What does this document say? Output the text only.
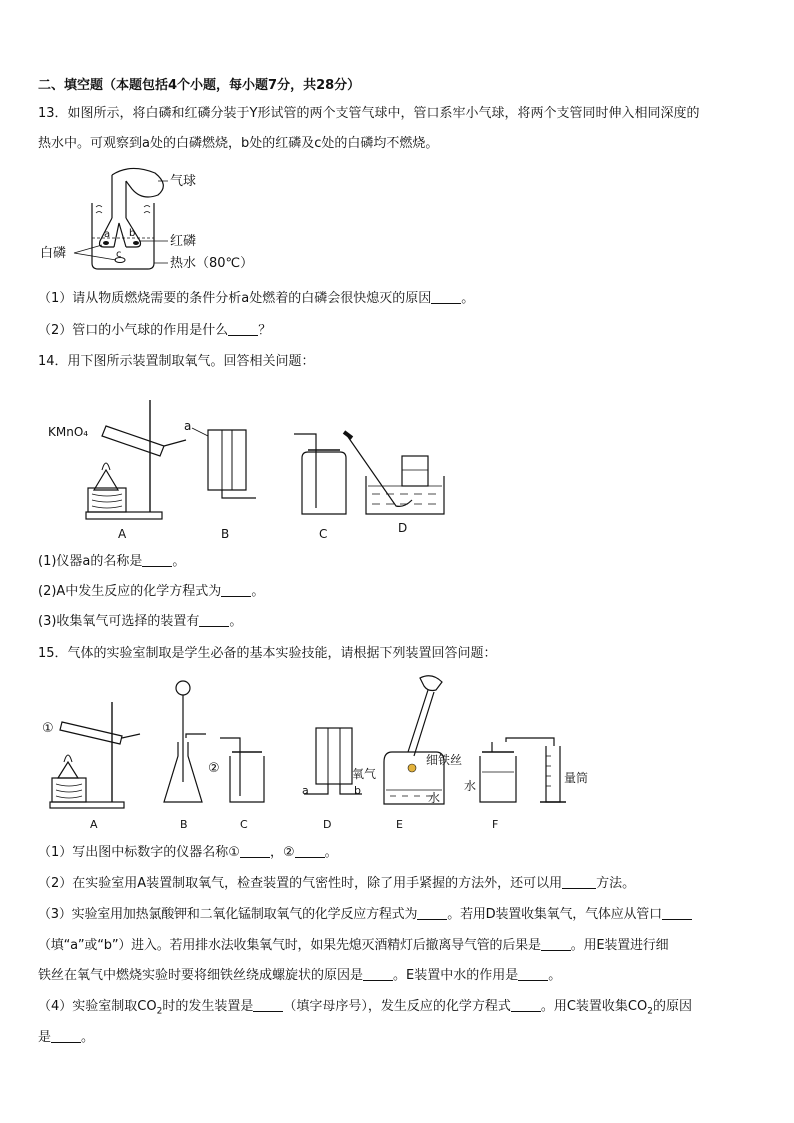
二、填空题（本题包括4个小题，每小题7分，共28分）
13．如图所示，将白磷和红磷分装于Y形试管的两个支管气球中，管口系牢小气球，将两个支管同时伸入相同深度的
热水中。可观察到a处的白磷燃烧，b处的红磷及c处的白磷均不燃烧。
a b
c
气球
红磷
白磷
热水（80℃）
（1）请从物质燃烧需要的条件分析a处燃着的白磷会很快熄灭的原因 。
（2）管口的小气球的作用是什么 ？
14．用下图所示装置制取氧气。回答相关问题：
KMnO₄
A
a
B	C	D
(1)仪器a的名称是 。
(2)A中发生反应的化学方程式为 。
(3)收集氧气可选择的装置有 。
15．气体的实验室制取是学生必备的基本实验技能，请根据下列装置回答问题：
①
A	B
②
C
a	b
D
氧气
细铁丝
水
E
水
量筒
F
（1）写出图中标数字的仪器名称① ，② 。
（2）在实验室用A装置制取氧气，检查装置的气密性时，除了用手紧握的方法外，还可以用	方法。
（3）实验室用加热氯酸钾和二氧化锰制取氧气的化学反应方程式为 。若用D装置收集氧气，气体应从管口
（填“a”或“b”）进入。若用排水法收集氧气时，如果先熄灭酒精灯后撤离导气管的后果是 。用E装置进行细
铁丝在氧气中燃烧实验时要将细铁丝绕成螺旋状的原因是 。E装置中水的作用是 。
（4）实验室制取$CO_2$时的发生装置是 （填字母序号），发生反应的化学方程式 。用C装置收集$CO_2$的原因
是 。
